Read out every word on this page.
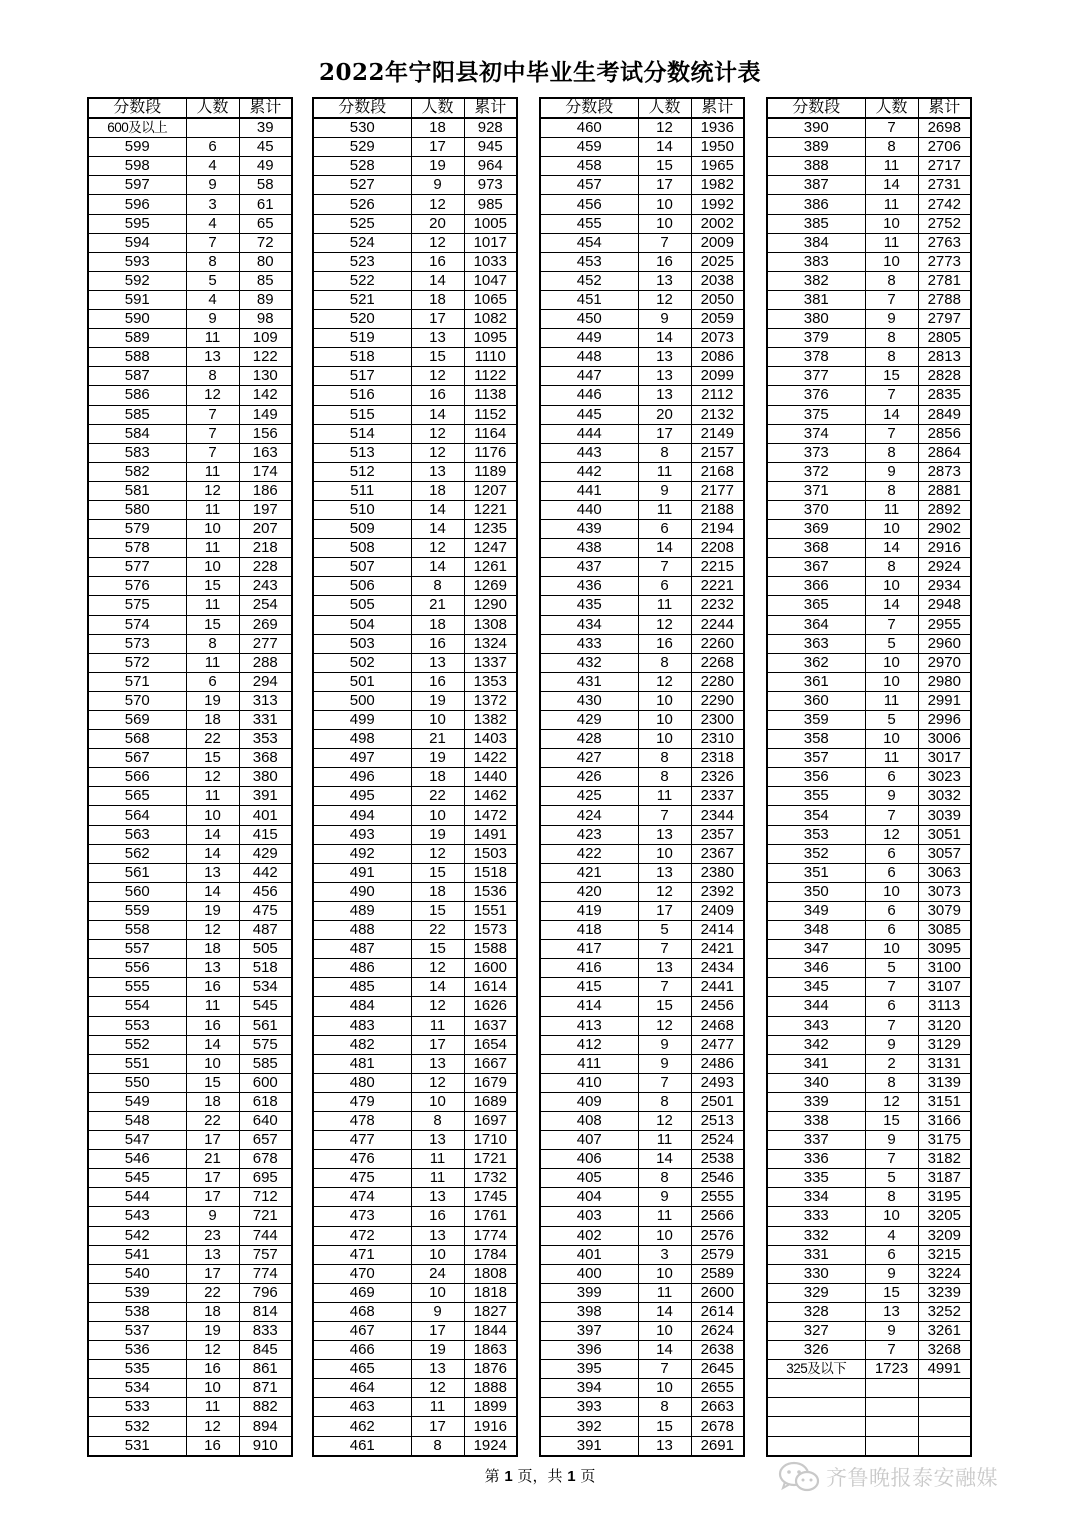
2022年宁阳县初中毕业生考试分数统计表
分数段	人数	累计
600及以上		39
599	6	45
598	4	49
597	9	58
596	3	61
595	4	65
594	7	72
593	8	80
592	5	85
591	4	89
590	9	98
589	11	109
588	13	122
587	8	130
586	12	142
585	7	149
584	7	156
583	7	163
582	11	174
581	12	186
580	11	197
579	10	207
578	11	218
577	10	228
576	15	243
575	11	254
574	15	269
573	8	277
572	11	288
571	6	294
570	19	313
569	18	331
568	22	353
567	15	368
566	12	380
565	11	391
564	10	401
563	14	415
562	14	429
561	13	442
560	14	456
559	19	475
558	12	487
557	18	505
556	13	518
555	16	534
554	11	545
553	16	561
552	14	575
551	10	585
550	15	600
549	18	618
548	22	640
547	17	657
546	21	678
545	17	695
544	17	712
543	9	721
542	23	744
541	13	757
540	17	774
539	22	796
538	18	814
537	19	833
536	12	845
535	16	861
534	10	871
533	11	882
532	12	894
531	16	910
分数段	人数	累计
530	18	928
529	17	945
528	19	964
527	9	973
526	12	985
525	20	1005
524	12	1017
523	16	1033
522	14	1047
521	18	1065
520	17	1082
519	13	1095
518	15	1110
517	12	1122
516	16	1138
515	14	1152
514	12	1164
513	12	1176
512	13	1189
511	18	1207
510	14	1221
509	14	1235
508	12	1247
507	14	1261
506	8	1269
505	21	1290
504	18	1308
503	16	1324
502	13	1337
501	16	1353
500	19	1372
499	10	1382
498	21	1403
497	19	1422
496	18	1440
495	22	1462
494	10	1472
493	19	1491
492	12	1503
491	15	1518
490	18	1536
489	15	1551
488	22	1573
487	15	1588
486	12	1600
485	14	1614
484	12	1626
483	11	1637
482	17	1654
481	13	1667
480	12	1679
479	10	1689
478	8	1697
477	13	1710
476	11	1721
475	11	1732
474	13	1745
473	16	1761
472	13	1774
471	10	1784
470	24	1808
469	10	1818
468	9	1827
467	17	1844
466	19	1863
465	13	1876
464	12	1888
463	11	1899
462	17	1916
461	8	1924
分数段	人数	累计
460	12	1936
459	14	1950
458	15	1965
457	17	1982
456	10	1992
455	10	2002
454	7	2009
453	16	2025
452	13	2038
451	12	2050
450	9	2059
449	14	2073
448	13	2086
447	13	2099
446	13	2112
445	20	2132
444	17	2149
443	8	2157
442	11	2168
441	9	2177
440	11	2188
439	6	2194
438	14	2208
437	7	2215
436	6	2221
435	11	2232
434	12	2244
433	16	2260
432	8	2268
431	12	2280
430	10	2290
429	10	2300
428	10	2310
427	8	2318
426	8	2326
425	11	2337
424	7	2344
423	13	2357
422	10	2367
421	13	2380
420	12	2392
419	17	2409
418	5	2414
417	7	2421
416	13	2434
415	7	2441
414	15	2456
413	12	2468
412	9	2477
411	9	2486
410	7	2493
409	8	2501
408	12	2513
407	11	2524
406	14	2538
405	8	2546
404	9	2555
403	11	2566
402	10	2576
401	3	2579
400	10	2589
399	11	2600
398	14	2614
397	10	2624
396	14	2638
395	7	2645
394	10	2655
393	8	2663
392	15	2678
391	13	2691
分数段	人数	累计
390	7	2698
389	8	2706
388	11	2717
387	14	2731
386	11	2742
385	10	2752
384	11	2763
383	10	2773
382	8	2781
381	7	2788
380	9	2797
379	8	2805
378	8	2813
377	15	2828
376	7	2835
375	14	2849
374	7	2856
373	8	2864
372	9	2873
371	8	2881
370	11	2892
369	10	2902
368	14	2916
367	8	2924
366	10	2934
365	14	2948
364	7	2955
363	5	2960
362	10	2970
361	10	2980
360	11	2991
359	5	2996
358	10	3006
357	11	3017
356	6	3023
355	9	3032
354	7	3039
353	12	3051
352	6	3057
351	6	3063
350	10	3073
349	6	3079
348	6	3085
347	10	3095
346	5	3100
345	7	3107
344	6	3113
343	7	3120
342	9	3129
341	2	3131
340	8	3139
339	12	3151
338	15	3166
337	9	3175
336	7	3182
335	5	3187
334	8	3195
333	10	3205
332	4	3209
331	6	3215
330	9	3224
329	15	3239
328	13	3252
327	9	3261
326	7	3268
325及以下	1723	4991

第 1 页，共 1 页	齐鲁晚报泰安融媒
